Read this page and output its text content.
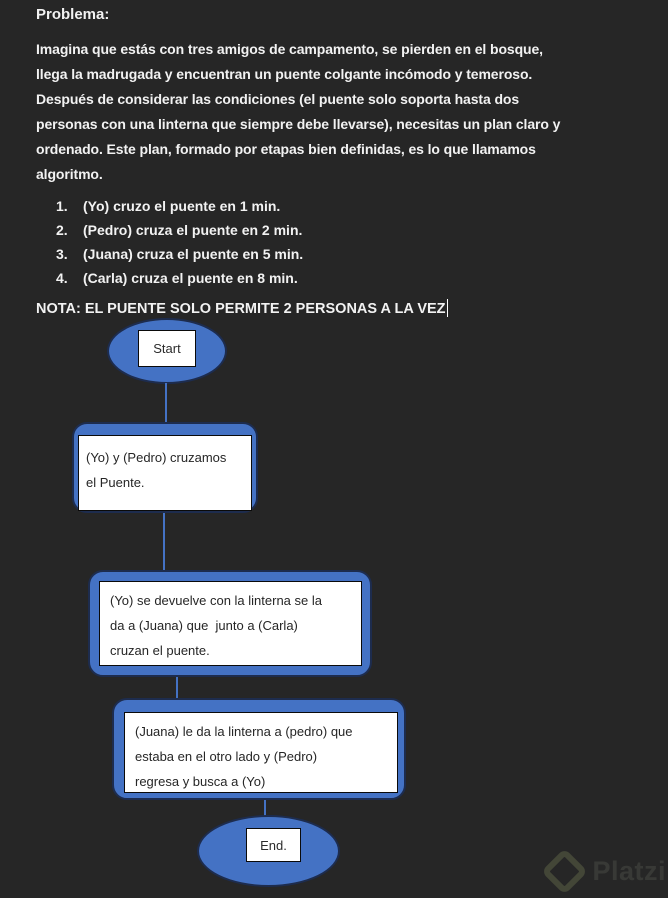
Problema:
Imagina que estás con tres amigos de campamento, se pierden en el bosque,
llega la madrugada y encuentran un puente colgante incómodo y temeroso.
Después de considerar las condiciones (el puente solo soporta hasta dos
personas con una linterna que siempre debe llevarse), necesitas un plan claro y
ordenado. Este plan, formado por etapas bien definidas, es lo que llamamos
algoritmo.
1.	(Yo) cruzo el puente en 1 min.
2.	(Pedro) cruza el puente en 2 min.
3.	(Juana) cruza el puente en 5 min.
4.	(Carla) cruza el puente en 8 min.
NOTA: EL PUENTE SOLO PERMITE 2 PERSONAS A LA VEZ
Start
(Yo) y (Pedro) cruzamos
el Puente.
(Yo) se devuelve con la linterna se la
da a (Juana) que  junto a (Carla)
cruzan el puente.
(Juana) le da la linterna a (pedro) que
estaba en el otro lado y (Pedro)
regresa y busca a (Yo)
End.
Platzi
